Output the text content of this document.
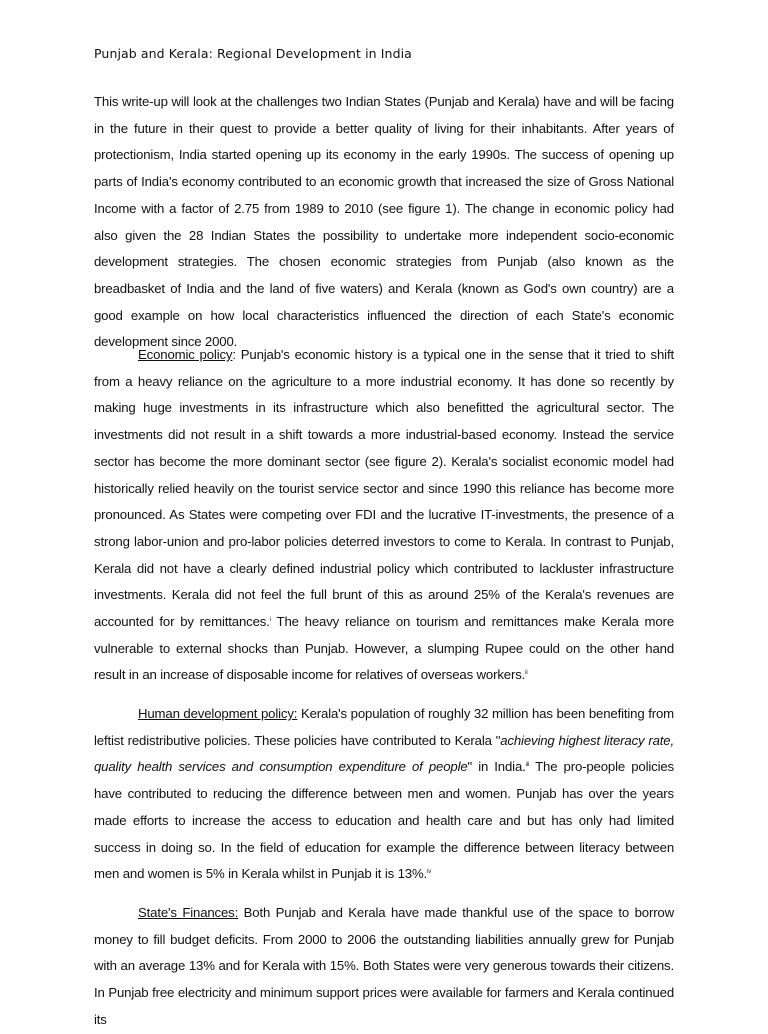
Punjab and Kerala: Regional Development in India

This write-up will look at the challenges two Indian States (Punjab and Kerala) have and will be facing in the future in their quest to provide a better quality of living for their inhabitants. After years of protectionism, India started opening up its economy in the early 1990s. The success of opening up parts of India's economy contributed to an economic growth that increased the size of Gross National Income with a factor of 2.75 from 1989 to 2010 (see figure 1). The change in economic policy had also given the 28 Indian States the possibility to undertake more independent socio-economic development strategies. The chosen economic strategies from Punjab (also known as the breadbasket of India and the land of five waters) and Kerala (known as God's own country) are a good example on how local characteristics influenced the direction of each State's economic development since 2000.

Economic policy: Punjab's economic history is a typical one in the sense that it tried to shift from a heavy reliance on the agriculture to a more industrial economy. It has done so recently by making huge investments in its infrastructure which also benefitted the agricultural sector. The investments did not result in a shift towards a more industrial-based economy. Instead the service sector has become the more dominant sector (see figure 2). Kerala's socialist economic model had historically relied heavily on the tourist service sector and since 1990 this reliance has become more pronounced. As States were competing over FDI and the lucrative IT-investments, the presence of a strong labor-union and pro-labor policies deterred investors to come to Kerala. In contrast to Punjab, Kerala did not have a clearly defined industrial policy which contributed to lackluster infrastructure investments. Kerala did not feel the full brunt of this as around 25% of the Kerala's revenues are accounted for by remittances.$^i$ The heavy reliance on tourism and remittances make Kerala more vulnerable to external shocks than Punjab. However, a slumping Rupee could on the other hand result in an increase of disposable income for relatives of overseas workers.$^{ii}$

Human development policy: Kerala's population of roughly 32 million has been benefiting from leftist redistributive policies. These policies have contributed to Kerala "achieving highest literacy rate, quality health services and consumption expenditure of people" in India.$^{iii}$ The pro-people policies have contributed to reducing the difference between men and women. Punjab has over the years made efforts to increase the access to education and health care and but has only had limited success in doing so. In the field of education for example the difference between literacy between men and women is 5% in Kerala whilst in Punjab it is 13%.$^{iv}$

State's Finances: Both Punjab and Kerala have made thankful use of the space to borrow money to fill budget deficits. From 2000 to 2006 the outstanding liabilities annually grew for Punjab with an average 13% and for Kerala with 15%. Both States were very generous towards their citizens. In Punjab free electricity and minimum support prices were available for farmers and Kerala continued its
